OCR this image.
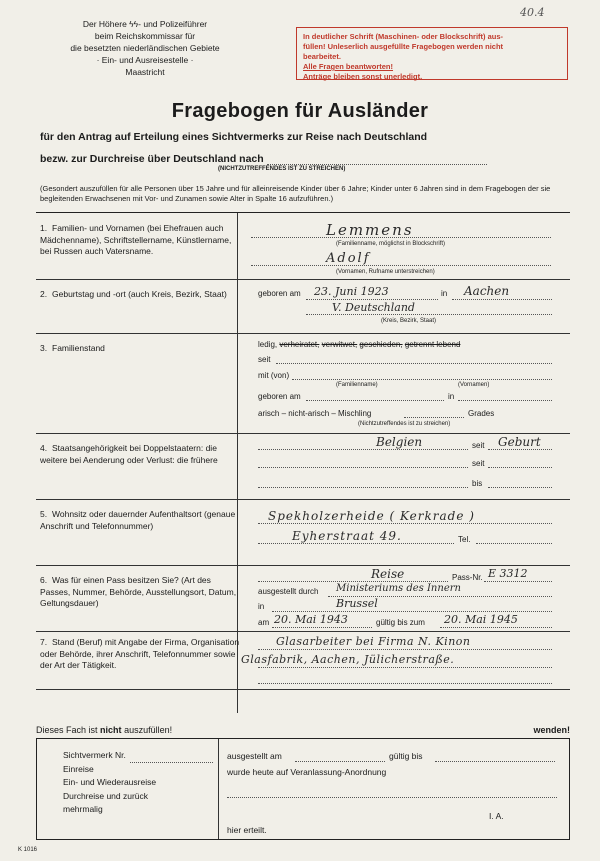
40.4
Der Höhere ϟϟ- und Polizeiführer
beim Reichskommissar für
die besetzten niederländischen Gebiete
· Ein- und Ausreisestelle ·
Maastricht
In deutlicher Schrift (Maschinen- oder Blockschrift) aus-
füllen! Unleserlich ausgefüllte Fragebogen werden nicht
bearbeitet.
Alle Fragen beantworten!
Anträge bleiben sonst unerledigt.
Fragebogen für Ausländer
für den Antrag auf Erteilung eines Sichtvermerks zur Reise nach Deutschland
bezw. zur Durchreise über Deutschland nach
(NICHTZUTREFFENDES IST ZU STREICHEN)
(Gesondert auszufüllen für alle Personen über 15 Jahre und für alleinreisende Kinder über 6 Jahre; Kinder unter 6 Jahren sind in dem Fragebogen der sie begleitenden Erwachsenen mit Vor- und Zunamen sowie Alter in Spalte 16 aufzuführen.)
1. Familien- und Vornamen (bei Ehefrauen auch Mädchenname), Schriftstellername, Künstlername, bei Russen auch Vatersname.
Lemmens
(Familienname, möglichst in Blockschrift)
Adolf
(Vornamen, Rufname unterstreichen)
2. Geburtstag und -ort (auch Kreis, Bezirk, Staat)	geboren am 23. Juni 1923	in Aachen
V. Deutschland
(Kreis, Bezirk, Staat)
3. Familienstand	ledig, verheiratet, verwitwet, geschieden, getrennt lebend
seit
mit (von)
(Familienname)	(Vornamen)
geboren am	in
arisch – nicht-arisch – Mischling	Grades
(Nichtzutreffendes ist zu streichen)
4. Staatsangehörigkeit bei Doppelstaatern: die weitere bei Aenderung oder Verlust: die frühere
Belgien	seit Geburt
seit
bis
5. Wohnsitz oder dauernder Aufenthaltsort (genaue Anschrift und Telefonnummer)
Spekholzerheide ( Kerkrade )
Eyherstraat 49.	Tel.
6. Was für einen Pass besitzen Sie? (Art des Passes, Nummer, Behörde, Ausstellungsort, Datum, Geltungsdauer)
Reise	Pass-Nr. E 3312
ausgestellt durch Ministeriums des Innern
in	Brussel
am 20. Mai 1943	gültig bis zum 20. Mai 1945
7. Stand (Beruf) mit Angabe der Firma, Organisation oder Behörde, ihrer Anschrift, Telefonnummer sowie der Art der Tätigkeit.
Glasarbeiter bei Firma N. Kinon
Glasfabrik, Aachen, Jülicherstraße.
Dieses Fach ist nicht auszufüllen!	wenden!
Sichtvermerk Nr.
Einreise
Ein- und Wiederausreise
Durchreise und zurück
mehrmalig
ausgestellt am	gültig bis
wurde heute auf Veranlassung-Anordnung
I. A.
hier erteilt.
K 1016
